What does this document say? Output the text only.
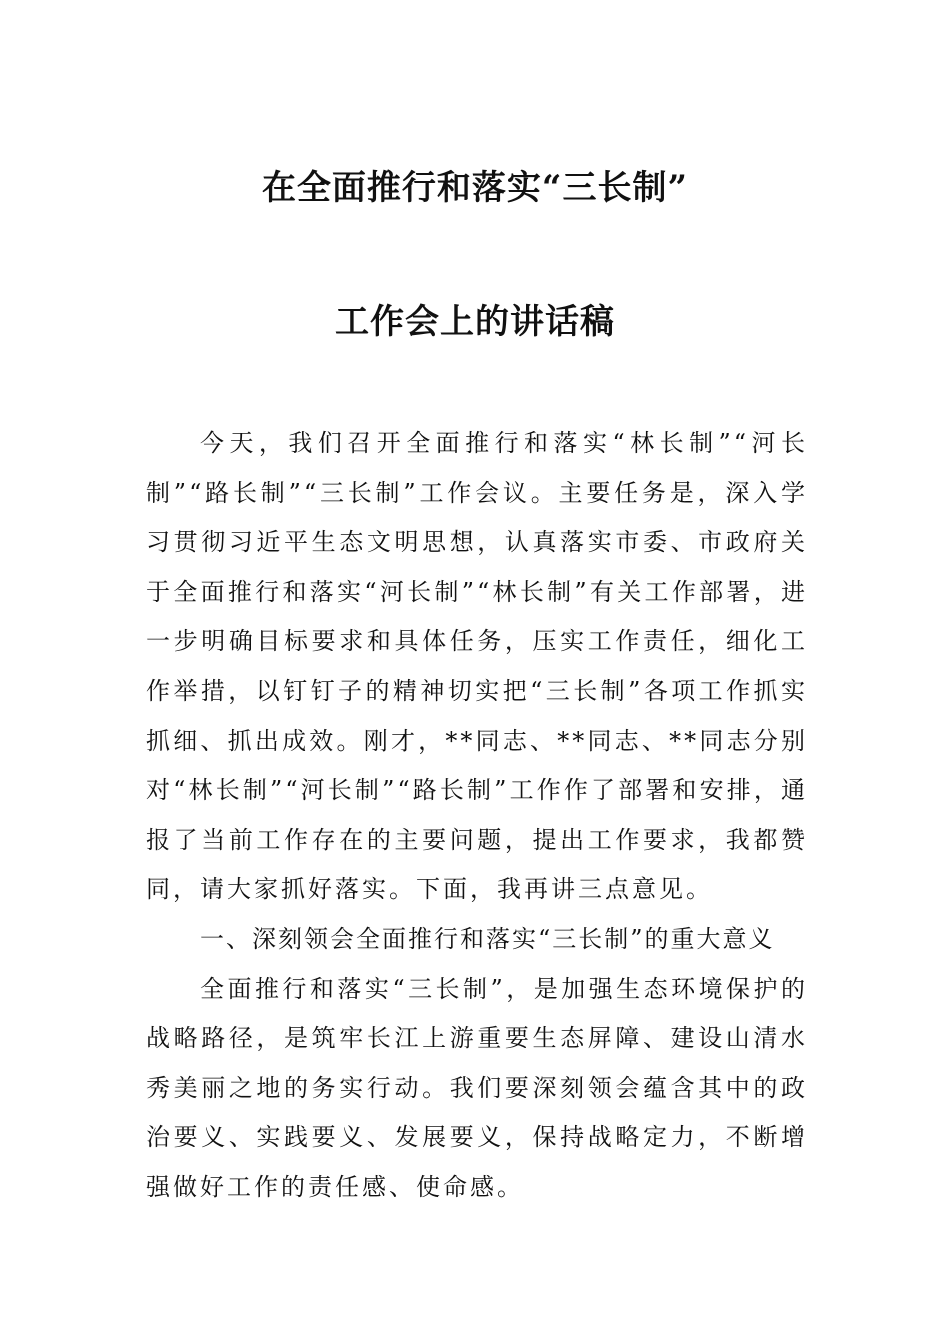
在全面推行和落实“三长制”
工作会上的讲话稿

今天，我们召开全面推行和落实“林长制”“河长制”“路长制”“三长制”工作会议。主要任务是，深入学习贯彻习近平生态文明思想，认真落实市委、市政府关于全面推行和落实“河长制”“林长制”有关工作部署，进一步明确目标要求和具体任务，压实工作责任，细化工作举措，以钉钉子的精神切实把“三长制”各项工作抓实抓细、抓出成效。刚才，**同志、**同志、**同志分别对“林长制”“河长制”“路长制”工作作了部署和安排，通报了当前工作存在的主要问题，提出工作要求，我都赞同，请大家抓好落实。下面，我再讲三点意见。

一、深刻领会全面推行和落实“三长制”的重大意义

全面推行和落实“三长制”，是加强生态环境保护的战略路径，是筑牢长江上游重要生态屏障、建设山清水秀美丽之地的务实行动。我们要深刻领会蕴含其中的政治要义、实践要义、发展要义，保持战略定力，不断增强做好工作的责任感、使命感。
